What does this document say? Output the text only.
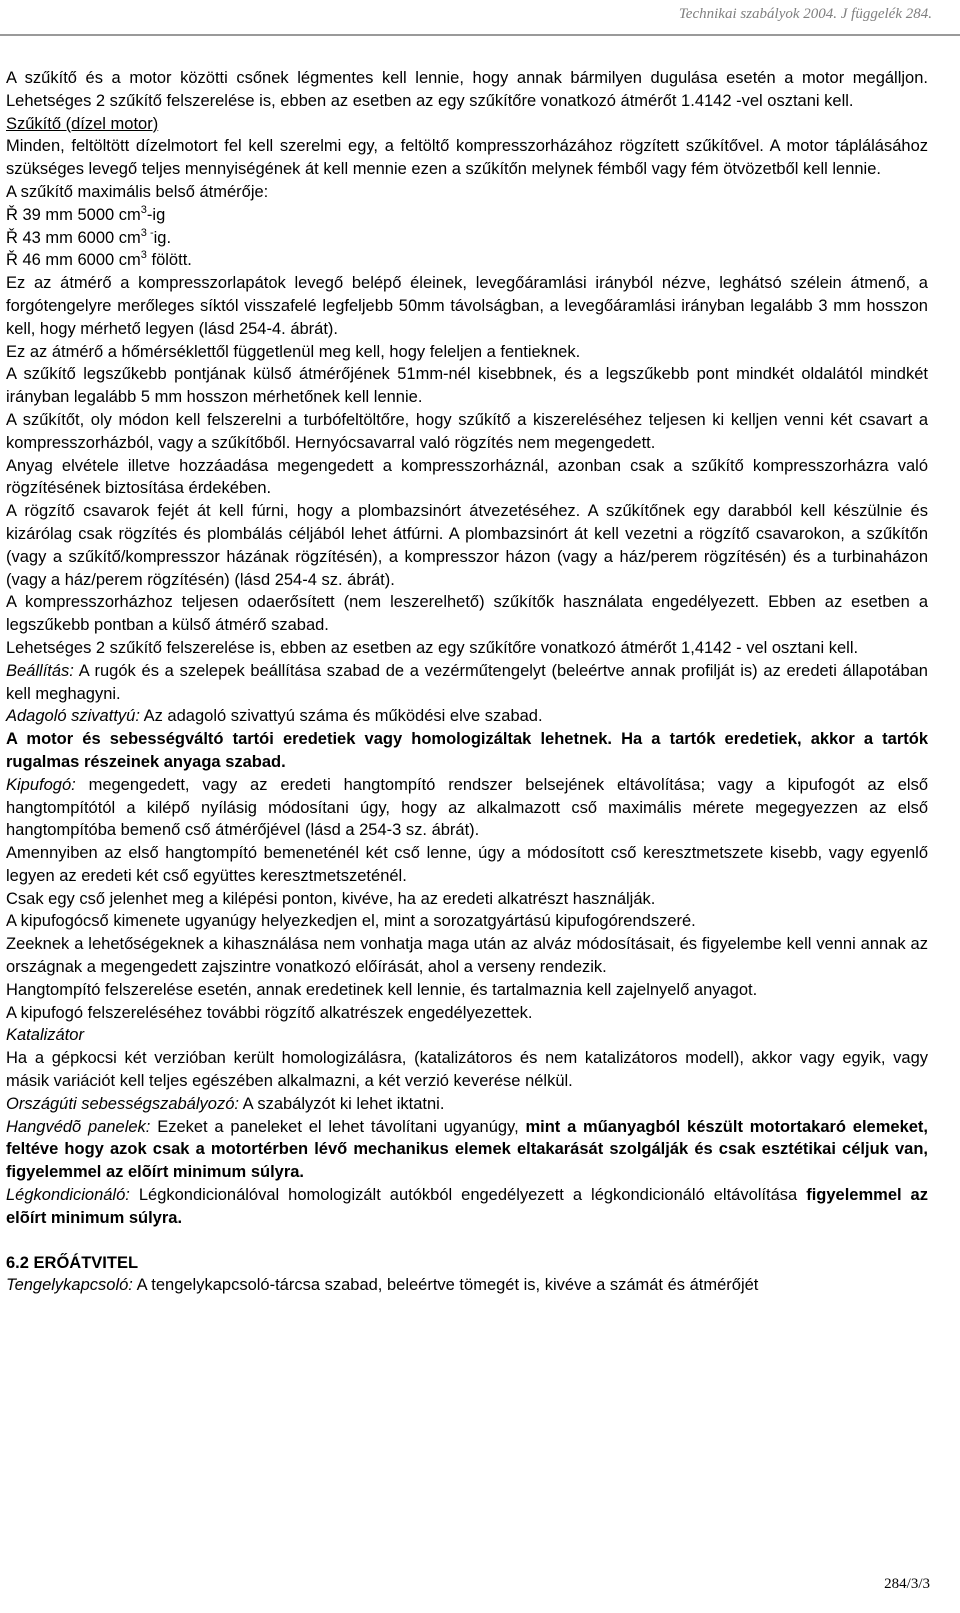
Technikai szabályok 2004. J függelék 284.

A szűkítő és a motor közötti csőnek légmentes kell lennie, hogy annak bármilyen dugulása esetén a motor megálljon. Lehetséges 2 szűkítő felszerelése is, ebben az esetben az egy szűkítőre vonatkozó átmérőt 1.4142 -vel osztani kell.

Szűkítő (dízel motor)

Minden, feltöltött dízelmotort fel kell szerelmi egy, a feltöltő kompresszorházához rögzített szűkítővel. A motor táplálásához szükséges levegő teljes mennyiségének át kell mennie ezen a szűkítőn melynek fémből vagy fém ötvözetből kell lennie.

A szűkítő maximális belső átmérője:

Ř 39 mm 5000 $cm^3-ig$

Ř 43 mm 6000 $cm^{3 -}ig$.

Ř 46 mm 6000 $cm^3$ fölött.

Ez az átmérő a kompresszorlapátok levegő belépő éleinek, levegőáramlási irányból nézve, leghátsó szélein átmenő, a forgótengelyre merőleges síktól visszafelé legfeljebb 50mm távolságban, a levegőáramlási irányban legalább 3 mm hosszon kell, hogy mérhető legyen (lásd 254-4. ábrát).

Ez az átmérő a hőmérséklettől függetlenül meg kell, hogy feleljen a fentieknek.

A szűkítő legszűkebb pontjának külső átmérőjének 51mm-nél kisebbnek, és a legszűkebb pont mindkét oldalától mindkét irányban legalább 5 mm hosszon mérhetőnek kell lennie.

A szűkítőt, oly módon kell felszerelni a turbófeltöltőre, hogy szűkítő a kiszereléséhez teljesen ki kelljen venni két csavart a kompresszorházból, vagy a szűkítőből. Hernyócsavarral való rögzítés nem megengedett.

Anyag elvétele illetve hozzáadása megengedett a kompresszorháznál, azonban csak a szűkítő kompresszorházra való rögzítésének biztosítása érdekében.

A rögzítő csavarok fejét át kell fúrni, hogy a plombazsinórt átvezetéséhez. A szűkítőnek egy darabból kell készülnie és kizárólag csak rögzítés és plombálás céljából lehet átfúrni. A plombazsinórt át kell vezetni a rögzítő csavarokon, a szűkítőn (vagy a szűkítő/kompresszor házának rögzítésén), a kompresszor házon (vagy a ház/perem rögzítésén) és a turbinaházon (vagy a ház/perem rögzítésén) (lásd 254-4 sz. ábrát).

A kompresszorházhoz teljesen odaerősített (nem leszerelhető) szűkítők használata engedélyezett. Ebben az esetben a legszűkebb pontban a külső átmérő szabad.

Lehetséges 2 szűkítő felszerelése is, ebben az esetben az egy szűkítőre vonatkozó átmérőt 1,4142 - vel osztani kell.

Beállítás: A rugók és a szelepek beállítása szabad de a vezérműtengelyt (beleértve annak profilját is) az eredeti állapotában kell meghagyni.

Adagoló szivattyú: Az adagoló szivattyú száma és működési elve szabad.

A motor és sebességváltó tartói eredetiek vagy homologizáltak lehetnek. Ha a tartók eredetiek, akkor a tartók rugalmas részeinek anyaga szabad.

Kipufogó: megengedett, vagy az eredeti hangtompító rendszer belsejének eltávolítása; vagy a kipufogót az első hangtompítótól a kilépő nyílásig módosítani úgy, hogy az alkalmazott cső maximális mérete megegyezzen az első hangtompítóba bemenő cső átmérőjével (lásd a 254-3 sz. ábrát).

Amennyiben az első hangtompító bemeneténél két cső lenne, úgy a módosított cső keresztmetszete kisebb, vagy egyenlő legyen az eredeti két cső együttes keresztmetszeténél.

Csak egy cső jelenhet meg a kilépési ponton, kivéve, ha az eredeti alkatrészt használják.

A kipufogócső kimenete ugyanúgy helyezkedjen el, mint a sorozatgyártású kipufogórendszeré.

Zeeknek a lehetőségeknek a kihasználása nem vonhatja maga után az alváz módosításait, és figyelembe kell venni annak az országnak a megengedett zajszintre vonatkozó előírását, ahol a verseny rendezik.

Hangtompító felszerelése esetén, annak eredetinek kell lennie, és tartalmaznia kell zajelnyelő anyagot.

A kipufogó felszereléséhez további rögzítő alkatrészek engedélyezettek.

Katalizátor

Ha a gépkocsi két verzióban került homologizálásra, (katalizátoros és nem katalizátoros modell), akkor vagy egyik, vagy másik variációt kell teljes egészében alkalmazni, a két verzió keverése nélkül.

Országúti sebességszabályozó: A szabályzót ki lehet iktatni.

Hangvédõ panelek: Ezeket a paneleket el lehet távolítani ugyanúgy, mint a műanyagból készült motortakaró elemeket, feltéve hogy azok csak a motortérben lévő mechanikus elemek eltakarását szolgálják és csak esztétikai céljuk van, figyelemmel az elõírt minimum súlyra.

Légkondicionáló: Légkondicionálóval homologizált autókból engedélyezett a légkondicionáló eltávolítása figyelemmel az elõírt minimum súlyra.

6.2 ERŐÁTVITEL

Tengelykapcsoló: A tengelykapcsoló-tárcsa szabad, beleértve tömegét is, kivéve a számát és átmérőjét

284/3/3
